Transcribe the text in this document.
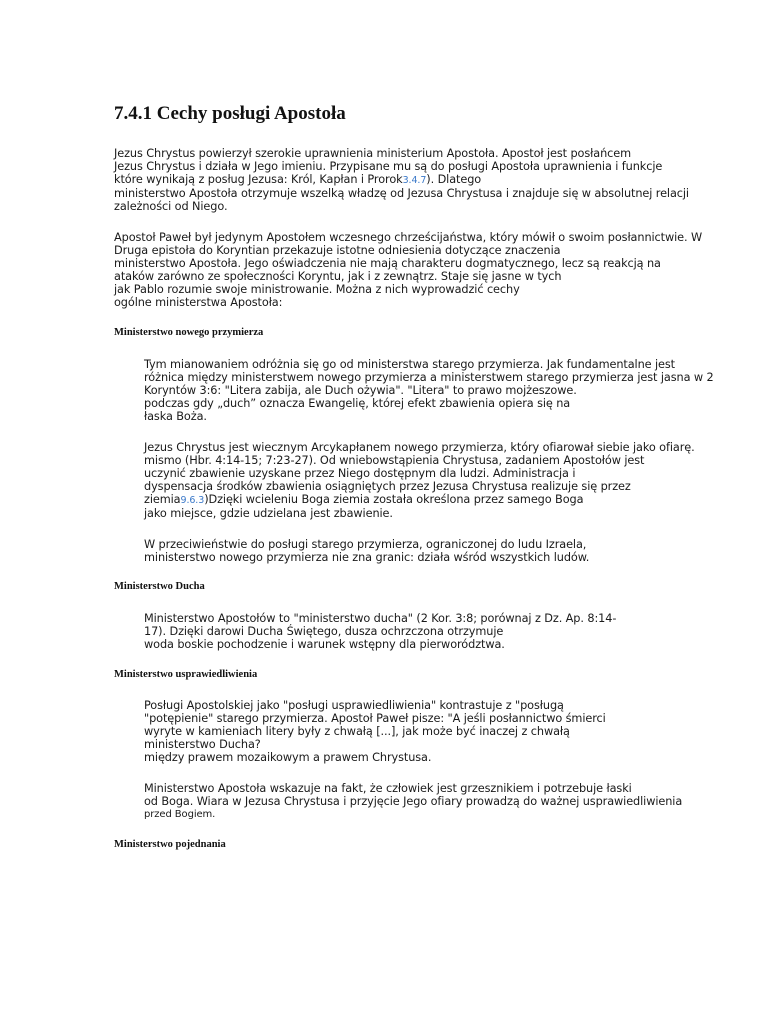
7.4.1 Cechy posługi Apostoła
Jezus Chrystus powierzył szerokie uprawnienia ministerium Apostoła. Apostoł jest posłańcem
Jezus Chrystus i działa w Jego imieniu. Przypisane mu są do posługi Apostoła uprawnienia i funkcje
które wynikają z posług Jezusa: Król, Kapłan i Prorok3.4.7). Dlatego
ministerstwo Apostoła otrzymuje wszelką władzę od Jezusa Chrystusa i znajduje się w absolutnej relacji
zależności od Niego.
Apostoł Paweł był jedynym Apostołem wczesnego chrześcijaństwa, który mówił o swoim posłannictwie. W
Druga epistoła do Koryntian przekazuje istotne odniesienia dotyczące znaczenia
ministerstwo Apostoła. Jego oświadczenia nie mają charakteru dogmatycznego, lecz są reakcją na
ataków zarówno ze społeczności Koryntu, jak i z zewnątrz. Staje się jasne w tych
jak Pablo rozumie swoje ministrowanie. Można z nich wyprowadzić cechy
ogólne ministerstwa Apostoła:
Ministerstwo nowego przymierza
Tym mianowaniem odróżnia się go od ministerstwa starego przymierza. Jak fundamentalne jest
różnica między ministerstwem nowego przymierza a ministerstwem starego przymierza jest jasna w 2
Koryntów 3:6: "Litera zabija, ale Duch ożywia". "Litera" to prawo mojżeszowe.
podczas gdy „duch” oznacza Ewangelię, której efekt zbawienia opiera się na
łaska Boża.
Jezus Chrystus jest wiecznym Arcykapłanem nowego przymierza, który ofiarował siebie jako ofiarę.
mismo (Hbr. 4:14-15; 7:23-27). Od wniebowstąpienia Chrystusa, zadaniem Apostołów jest
uczynić zbawienie uzyskane przez Niego dostępnym dla ludzi. Administracja i
dyspensacja środków zbawienia osiągniętych przez Jezusa Chrystusa realizuje się przez
ziemia9.6.3)Dzięki wcieleniu Boga ziemia została określona przez samego Boga
jako miejsce, gdzie udzielana jest zbawienie.
W przeciwieństwie do posługi starego przymierza, ograniczonej do ludu Izraela,
ministerstwo nowego przymierza nie zna granic: działa wśród wszystkich ludów.
Ministerstwo Ducha
Ministerstwo Apostołów to "ministerstwo ducha" (2 Kor. 3:8; porównaj z Dz. Ap. 8:14-
17). Dzięki darowi Ducha Świętego, dusza ochrzczona otrzymuje
woda boskie pochodzenie i warunek wstępny dla pierworództwa.
Ministerstwo usprawiedliwienia
Posługi Apostolskiej jako "posługi usprawiedliwienia" kontrastuje z "posługą
"potępienie" starego przymierza. Apostoł Paweł pisze: "A jeśli posłannictwo śmierci
wyryte w kamieniach litery były z chwałą [...], jak może być inaczej z chwałą
ministerstwo Ducha?
między prawem mozaikowym a prawem Chrystusa.
Ministerstwo Apostoła wskazuje na fakt, że człowiek jest grzesznikiem i potrzebuje łaski
od Boga. Wiara w Jezusa Chrystusa i przyjęcie Jego ofiary prowadzą do ważnej usprawiedliwienia
przed Bogiem.
Ministerstwo pojednania
